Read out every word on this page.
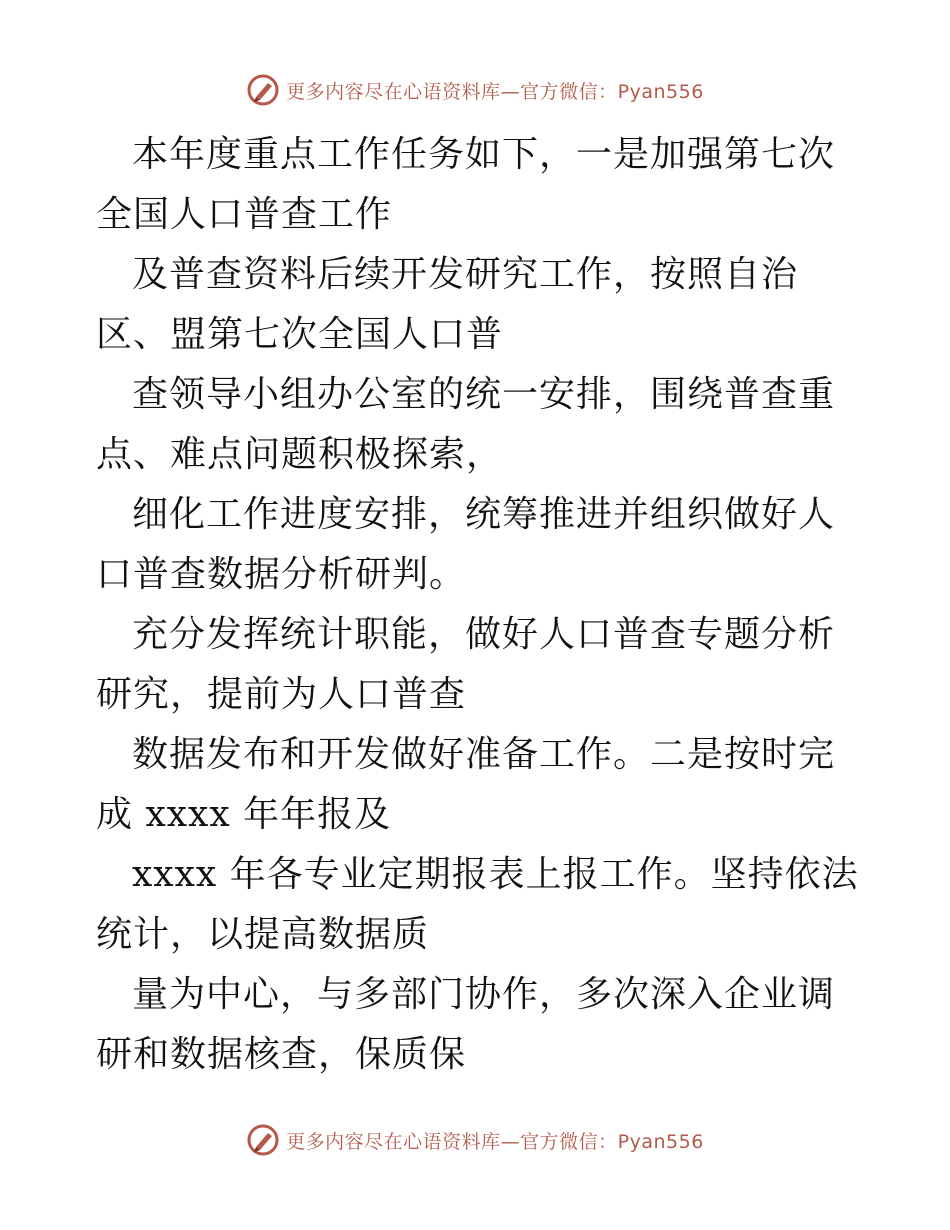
更多内容尽在心语资料库—官方微信：Pyan556

本年度重点工作任务如下，一是加强第七次全国人口普查工作

及普查资料后续开发研究工作，按照自治区、盟第七次全国人口普

查领导小组办公室的统一安排，围绕普查重点、难点问题积极探索，

细化工作进度安排，统筹推进并组织做好人口普查数据分析研判。

充分发挥统计职能，做好人口普查专题分析研究，提前为人口普查

数据发布和开发做好准备工作。二是按时完成 xxxx 年年报及

xxxx 年各专业定期报表上报工作。坚持依法统计，以提高数据质

量为中心，与多部门协作，多次深入企业调研和数据核查，保质保

更多内容尽在心语资料库—官方微信：Pyan556
